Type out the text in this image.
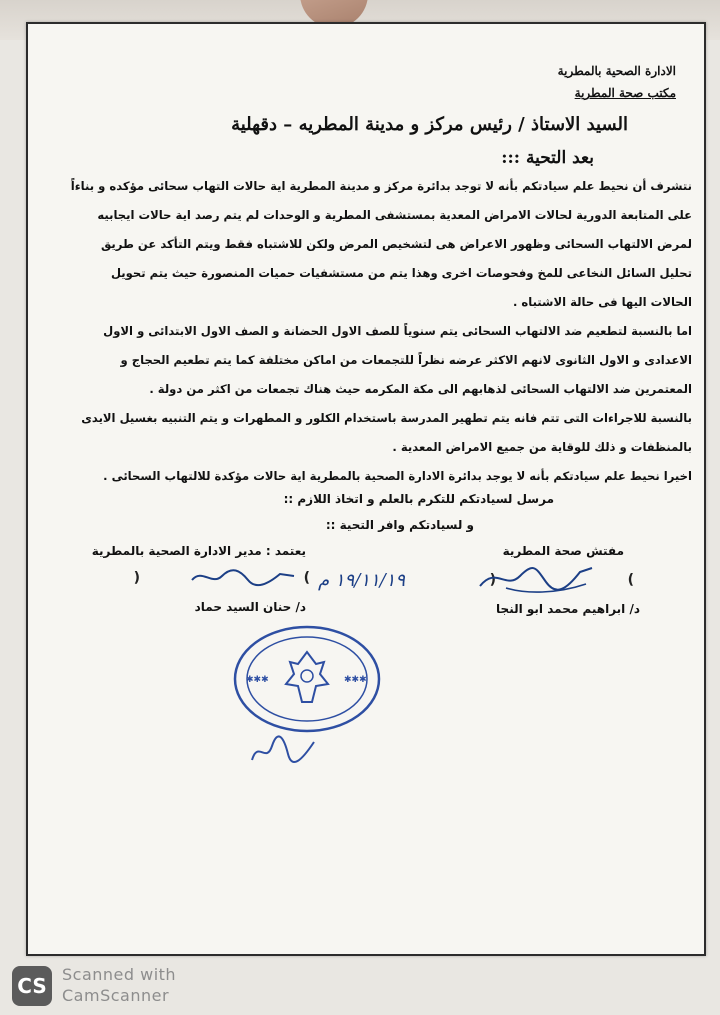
الادارة الصحية بالمطرية
مكتب صحة المطرية
السيد الاستاذ / رئيس مركز و مدينة المطريه – دقهلية
بعد التحية :::
نتشرف أن نحيط علم سيادتكم بأنه لا توجد بدائرة مركز و مدينة المطرية اية حالات التهاب سحائى مؤكده و بناءاً
على المتابعة الدورية لحالات الامراض المعدية بمستشفى المطرية و الوحدات لم يتم رصد اية حالات ايجابيه
لمرض الالتهاب السحائى وظهور الاعراض هى لتشخيص المرض ولكن للاشتباه فقط ويتم التأكد عن طريق
تحليل السائل النخاعى للمخ وفحوصات اخرى وهذا يتم من مستشفيات حميات المنصورة حيث يتم تحويل
الحالات اليها فى حالة الاشتباه .
اما بالنسبة لتطعيم ضد الالتهاب السحائى يتم سنوياً للصف الاول الحضانة و الصف الاول الابتدائى و الاول
الاعدادى و الاول الثانوى لانهم الاكثر عرضه نظراً للتجمعات من اماكن مختلفة كما يتم تطعيم الحجاج و
المعتمرين ضد الالتهاب السحائى لذهابهم الى مكة المكرمه حيث هناك تجمعات من اكثر من دولة .
بالنسبة للاجراءات التى تتم فانه يتم تطهير المدرسة باستخدام الكلور و المطهرات و يتم التنبيه بغسيل الايدى
بالمنظفات و ذلك للوقاية من جميع الامراض المعدية .
اخيرا نحيط علم سيادتكم بأنه لا يوجد بدائرة الادارة الصحية بالمطرية اية حالات مؤكدة للالتهاب السحائى .
مرسل لسيادتكم للتكرم بالعلم و اتخاذ اللازم ::
و لسيادتكم وافر التحية ::
مفتش صحة المطرية
(
)
د/ ابراهيم محمد ابو النجا
يعتمد : مدير الادارة الصحية بالمطرية
(
)
د/ حنان السيد حماد
١٩/١١/١٩ م
✱✱✱	✱✱✱
CS Scanned with
CamScanner
